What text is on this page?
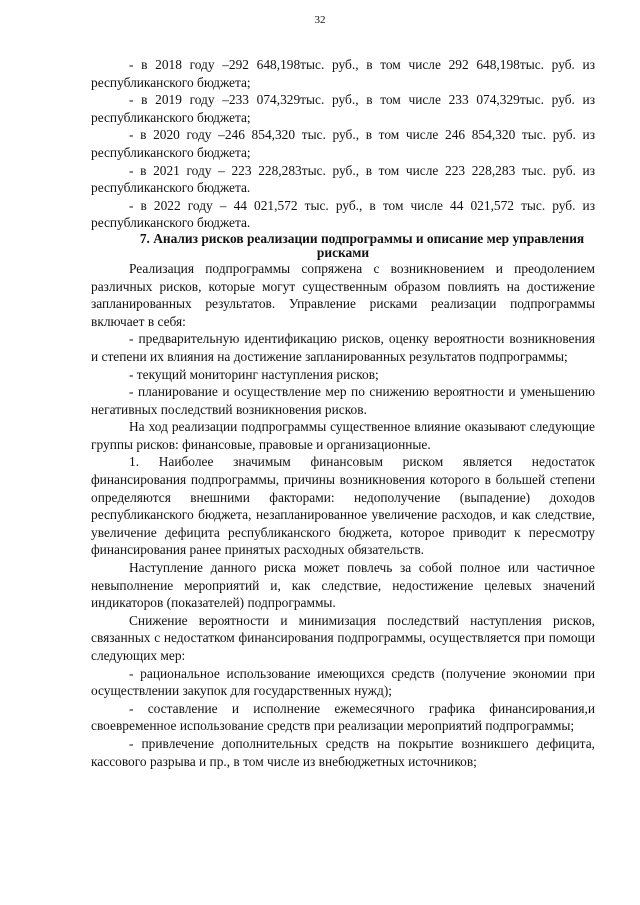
32

- в 2018 году –292 648,198тыс. руб., в том числе 292 648,198тыс. руб. из республиканского бюджета;

- в 2019 году –233 074,329тыс. руб., в том числе 233 074,329тыс. руб. из республиканского бюджета;

- в 2020 году –246 854,320 тыс. руб., в том числе 246 854,320 тыс. руб. из республиканского бюджета;

- в 2021 году – 223 228,283тыс. руб., в том числе 223 228,283 тыс. руб. из республиканского бюджета.

- в 2022 году – 44 021,572 тыс. руб., в том числе 44 021,572 тыс. руб. из республиканского бюджета.

7. Анализ рисков реализации подпрограммы и описание мер управления рисками

Реализация подпрограммы сопряжена с возникновением и преодолением различных рисков, которые могут существенным образом повлиять на достижение запланированных результатов. Управление рисками реализации подпрограммы включает в себя:

- предварительную идентификацию рисков, оценку вероятности возникновения и степени их влияния на достижение запланированных результатов подпрограммы;

- текущий мониторинг наступления рисков;

- планирование и осуществление мер по снижению вероятности и уменьшению негативных последствий возникновения рисков.

На ход реализации подпрограммы существенное влияние оказывают следующие группы рисков: финансовые, правовые и организационные.

1. Наиболее значимым финансовым риском является недостаток финансирования подпрограммы, причины возникновения которого в большей степени определяются внешними факторами: недополучение (выпадение) доходов республиканского бюджета, незапланированное увеличение расходов, и как следствие, увеличение дефицита республиканского бюджета, которое приводит к пересмотру финансирования ранее принятых расходных обязательств.

Наступление данного риска может повлечь за собой полное или частичное невыполнение мероприятий и, как следствие, недостижение целевых значений индикаторов (показателей) подпрограммы.

Снижение вероятности и минимизация последствий наступления рисков, связанных с недостатком финансирования подпрограммы, осуществляется при помощи следующих мер:

- рациональное использование имеющихся средств (получение экономии при осуществлении закупок для государственных нужд);

- составление и исполнение ежемесячного графика финансирования,и своевременное использование средств при реализации мероприятий подпрограммы;

- привлечение дополнительных средств на покрытие возникшего дефицита, кассового разрыва и пр., в том числе из внебюджетных источников;
